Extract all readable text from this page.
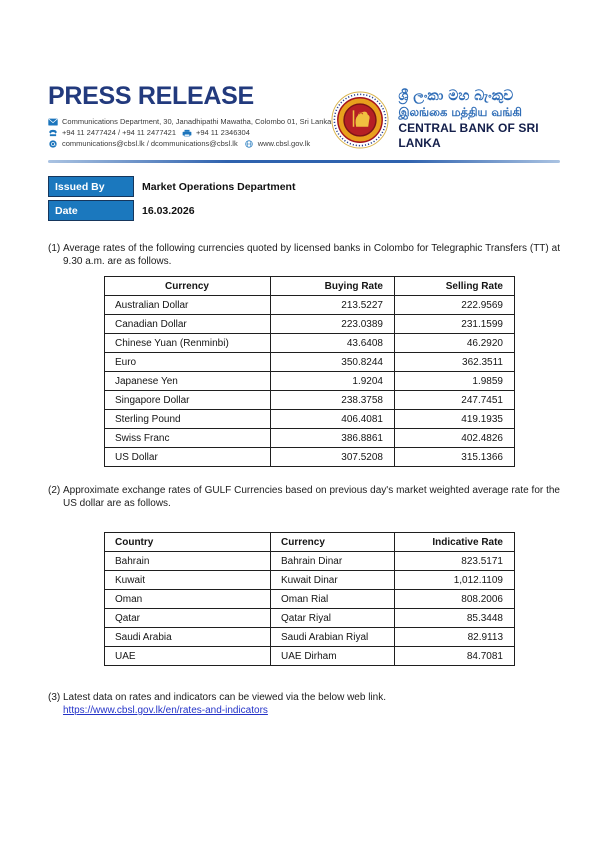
PRESS RELEASE
Communications Department, 30, Janadhipathi Mawatha, Colombo 01, Sri Lanka
+94 11 2477424 / +94 11 2477421	+94 11 2346304
communications@cbsl.lk / dcommunications@cbsl.lk	www.cbsl.gov.lk
ශ්‍රී ලංකා මහ බැංකුව
இலங்கை மத்திய வங்கி
CENTRAL BANK OF SRI LANKA
Issued By	Market Operations Department
Date	16.03.2026
(1) Average rates of the following currencies quoted by licensed banks in Colombo for Telegraphic Transfers (TT) at 9.30 a.m. are as follows.
Currency	Buying Rate	Selling Rate
Australian Dollar	213.5227	222.9569
Canadian Dollar	223.0389	231.1599
Chinese Yuan (Renminbi)	43.6408	46.2920
Euro	350.8244	362.3511
Japanese Yen	1.9204	1.9859
Singapore Dollar	238.3758	247.7451
Sterling Pound	406.4081	419.1935
Swiss Franc	386.8861	402.4826
US Dollar	307.5208	315.1366
(2) Approximate exchange rates of GULF Currencies based on previous day's market weighted average rate for the US dollar are as follows.
Country	Currency	Indicative Rate
Bahrain	Bahrain Dinar	823.5171
Kuwait	Kuwait Dinar	1,012.1109
Oman	Oman Rial	808.2006
Qatar	Qatar Riyal	85.3448
Saudi Arabia	Saudi Arabian Riyal	82.9113
UAE	UAE Dirham	84.7081
(3) Latest data on rates and indicators can be viewed via the below web link.
https://www.cbsl.gov.lk/en/rates-and-indicators
